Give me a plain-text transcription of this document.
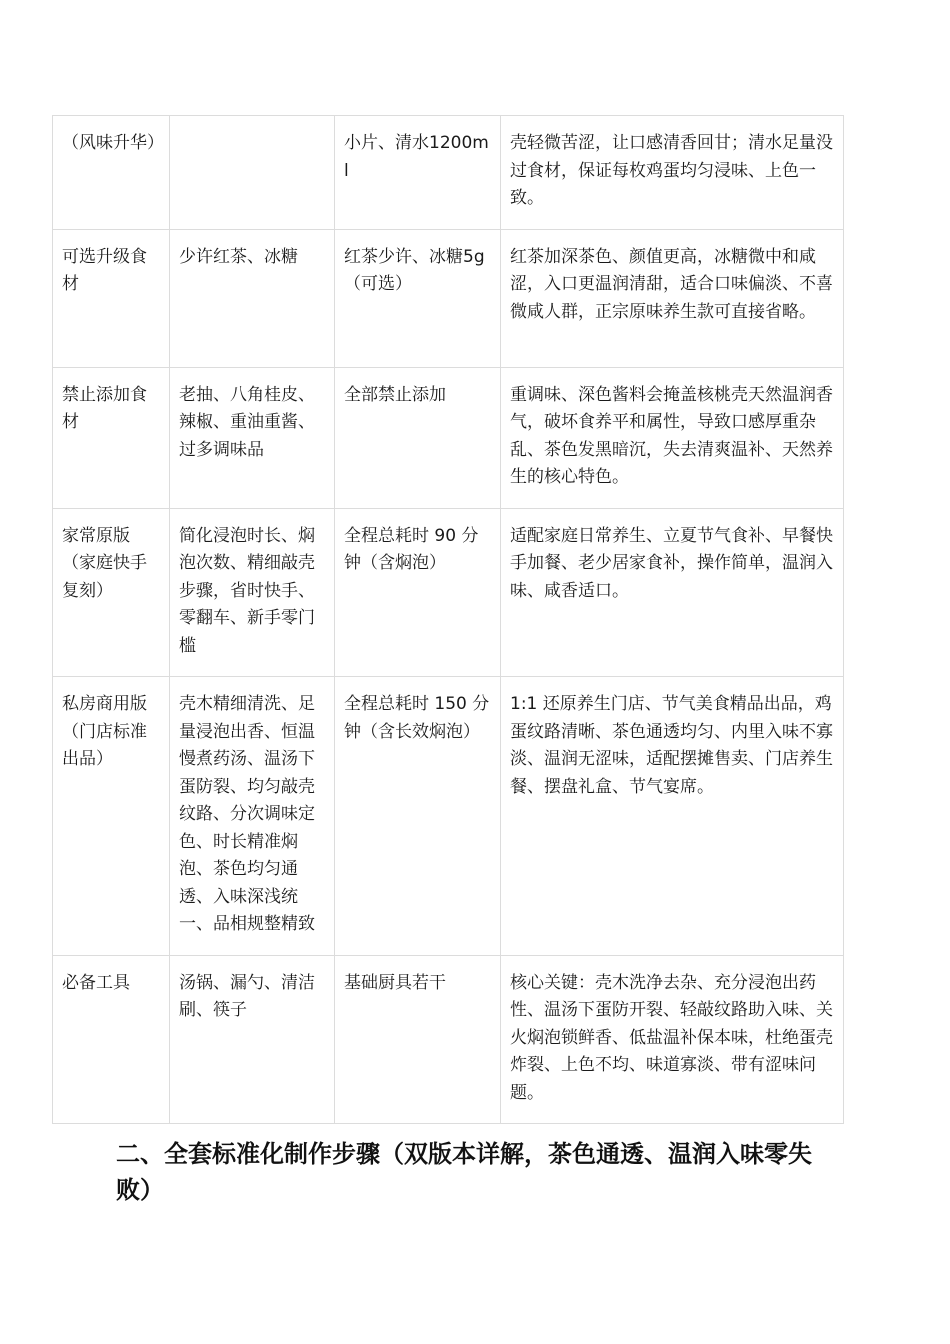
（风味升华）		小片、清水1200ml	壳轻微苦涩，让口感清香回甘；清水足量没过食材，保证每枚鸡蛋均匀浸味、上色一致。
可选升级食材	少许红茶、冰糖	红茶少许、冰糖5g（可选）	红茶加深茶色、颜值更高，冰糖微中和咸涩，入口更温润清甜，适合口味偏淡、不喜微咸人群，正宗原味养生款可直接省略。
禁止添加食材	老抽、八角桂皮、辣椒、重油重酱、过多调味品	全部禁止添加	重调味、深色酱料会掩盖核桃壳天然温润香气，破坏食养平和属性，导致口感厚重杂乱、茶色发黑暗沉，失去清爽温补、天然养生的核心特色。
家常原版（家庭快手复刻）	简化浸泡时长、焖泡次数、精细敲壳步骤，省时快手、零翻车、新手零门槛	全程总耗时 90 分钟（含焖泡）	适配家庭日常养生、立夏节气食补、早餐快手加餐、老少居家食补，操作简单，温润入味、咸香适口。
私房商用版（门店标准出品）	壳木精细清洗、足量浸泡出香、恒温慢煮药汤、温汤下蛋防裂、均匀敲壳纹路、分次调味定色、时长精准焖泡、茶色均匀通透、入味深浅统一、品相规整精致	全程总耗时 150 分钟（含长效焖泡）	1:1 还原养生门店、节气美食精品出品，鸡蛋纹路清晰、茶色通透均匀、内里入味不寡淡、温润无涩味，适配摆摊售卖、门店养生餐、摆盘礼盒、节气宴席。
必备工具	汤锅、漏勺、清洁刷、筷子	基础厨具若干	核心关键：壳木洗净去杂、充分浸泡出药性、温汤下蛋防开裂、轻敲纹路助入味、关火焖泡锁鲜香、低盐温补保本味，杜绝蛋壳炸裂、上色不均、味道寡淡、带有涩味问题。
二、全套标准化制作步骤（双版本详解，茶色通透、温润入味零失败）
